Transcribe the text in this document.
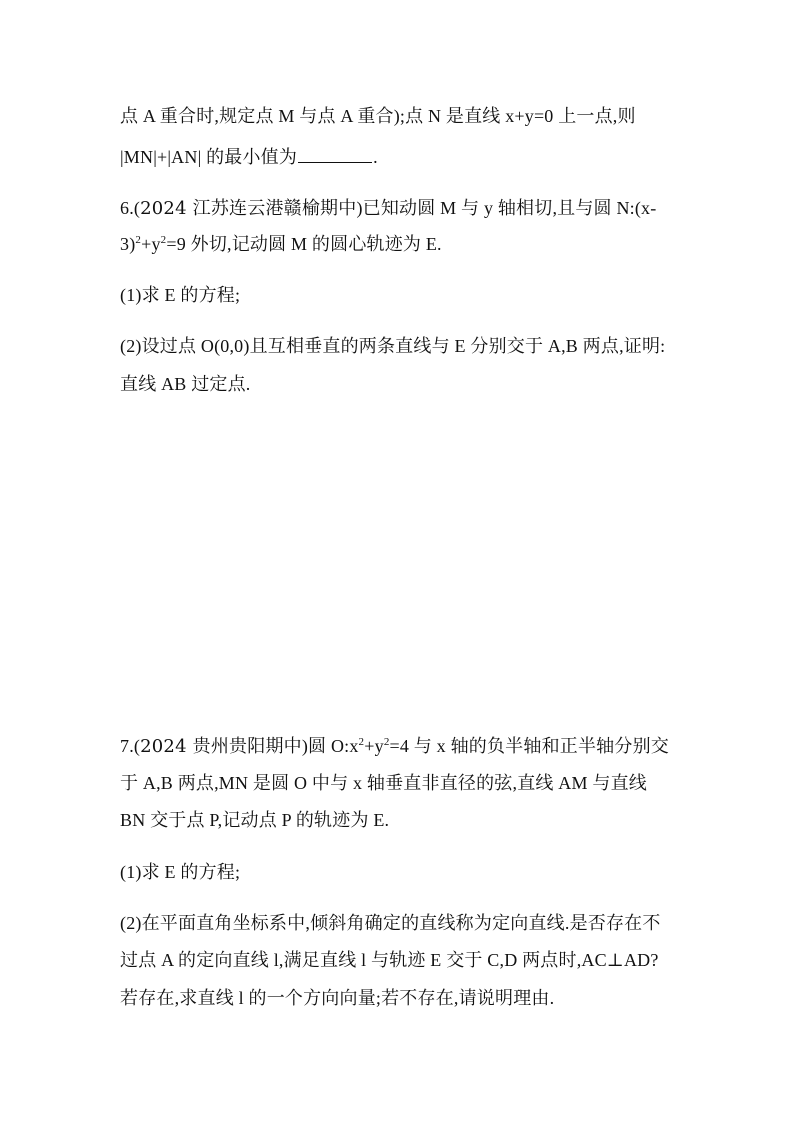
点 A 重合时,规定点 M 与点 A 重合);点 N 是直线 x+y=0 上一点,则
|MN|+|AN| 的最小值为	.
6.(2024 江苏连云港赣榆期中)已知动圆 M 与 y 轴相切,且与圆 N:(x-
$3)^2+y^2=9$ 外切,记动圆 M 的圆心轨迹为 E.
(1)求 E 的方程;
(2)设过点 O(0,0)且互相垂直的两条直线与 E 分别交于 A,B 两点,证明:
直线 AB 过定点.
7.(2024 贵州贵阳期中)圆 $O:x^2+y^2=4$ 与 x 轴的负半轴和正半轴分别交
于 A,B 两点,MN 是圆 O 中与 x 轴垂直非直径的弦,直线 AM 与直线
BN 交于点 P,记动点 P 的轨迹为 E.
(1)求 E 的方程;
(2)在平面直角坐标系中,倾斜角确定的直线称为定向直线.是否存在不
过点 A 的定向直线 l,满足直线 l 与轨迹 E 交于 C,D 两点时,AC⊥AD?
若存在,求直线 l 的一个方向向量;若不存在,请说明理由.
